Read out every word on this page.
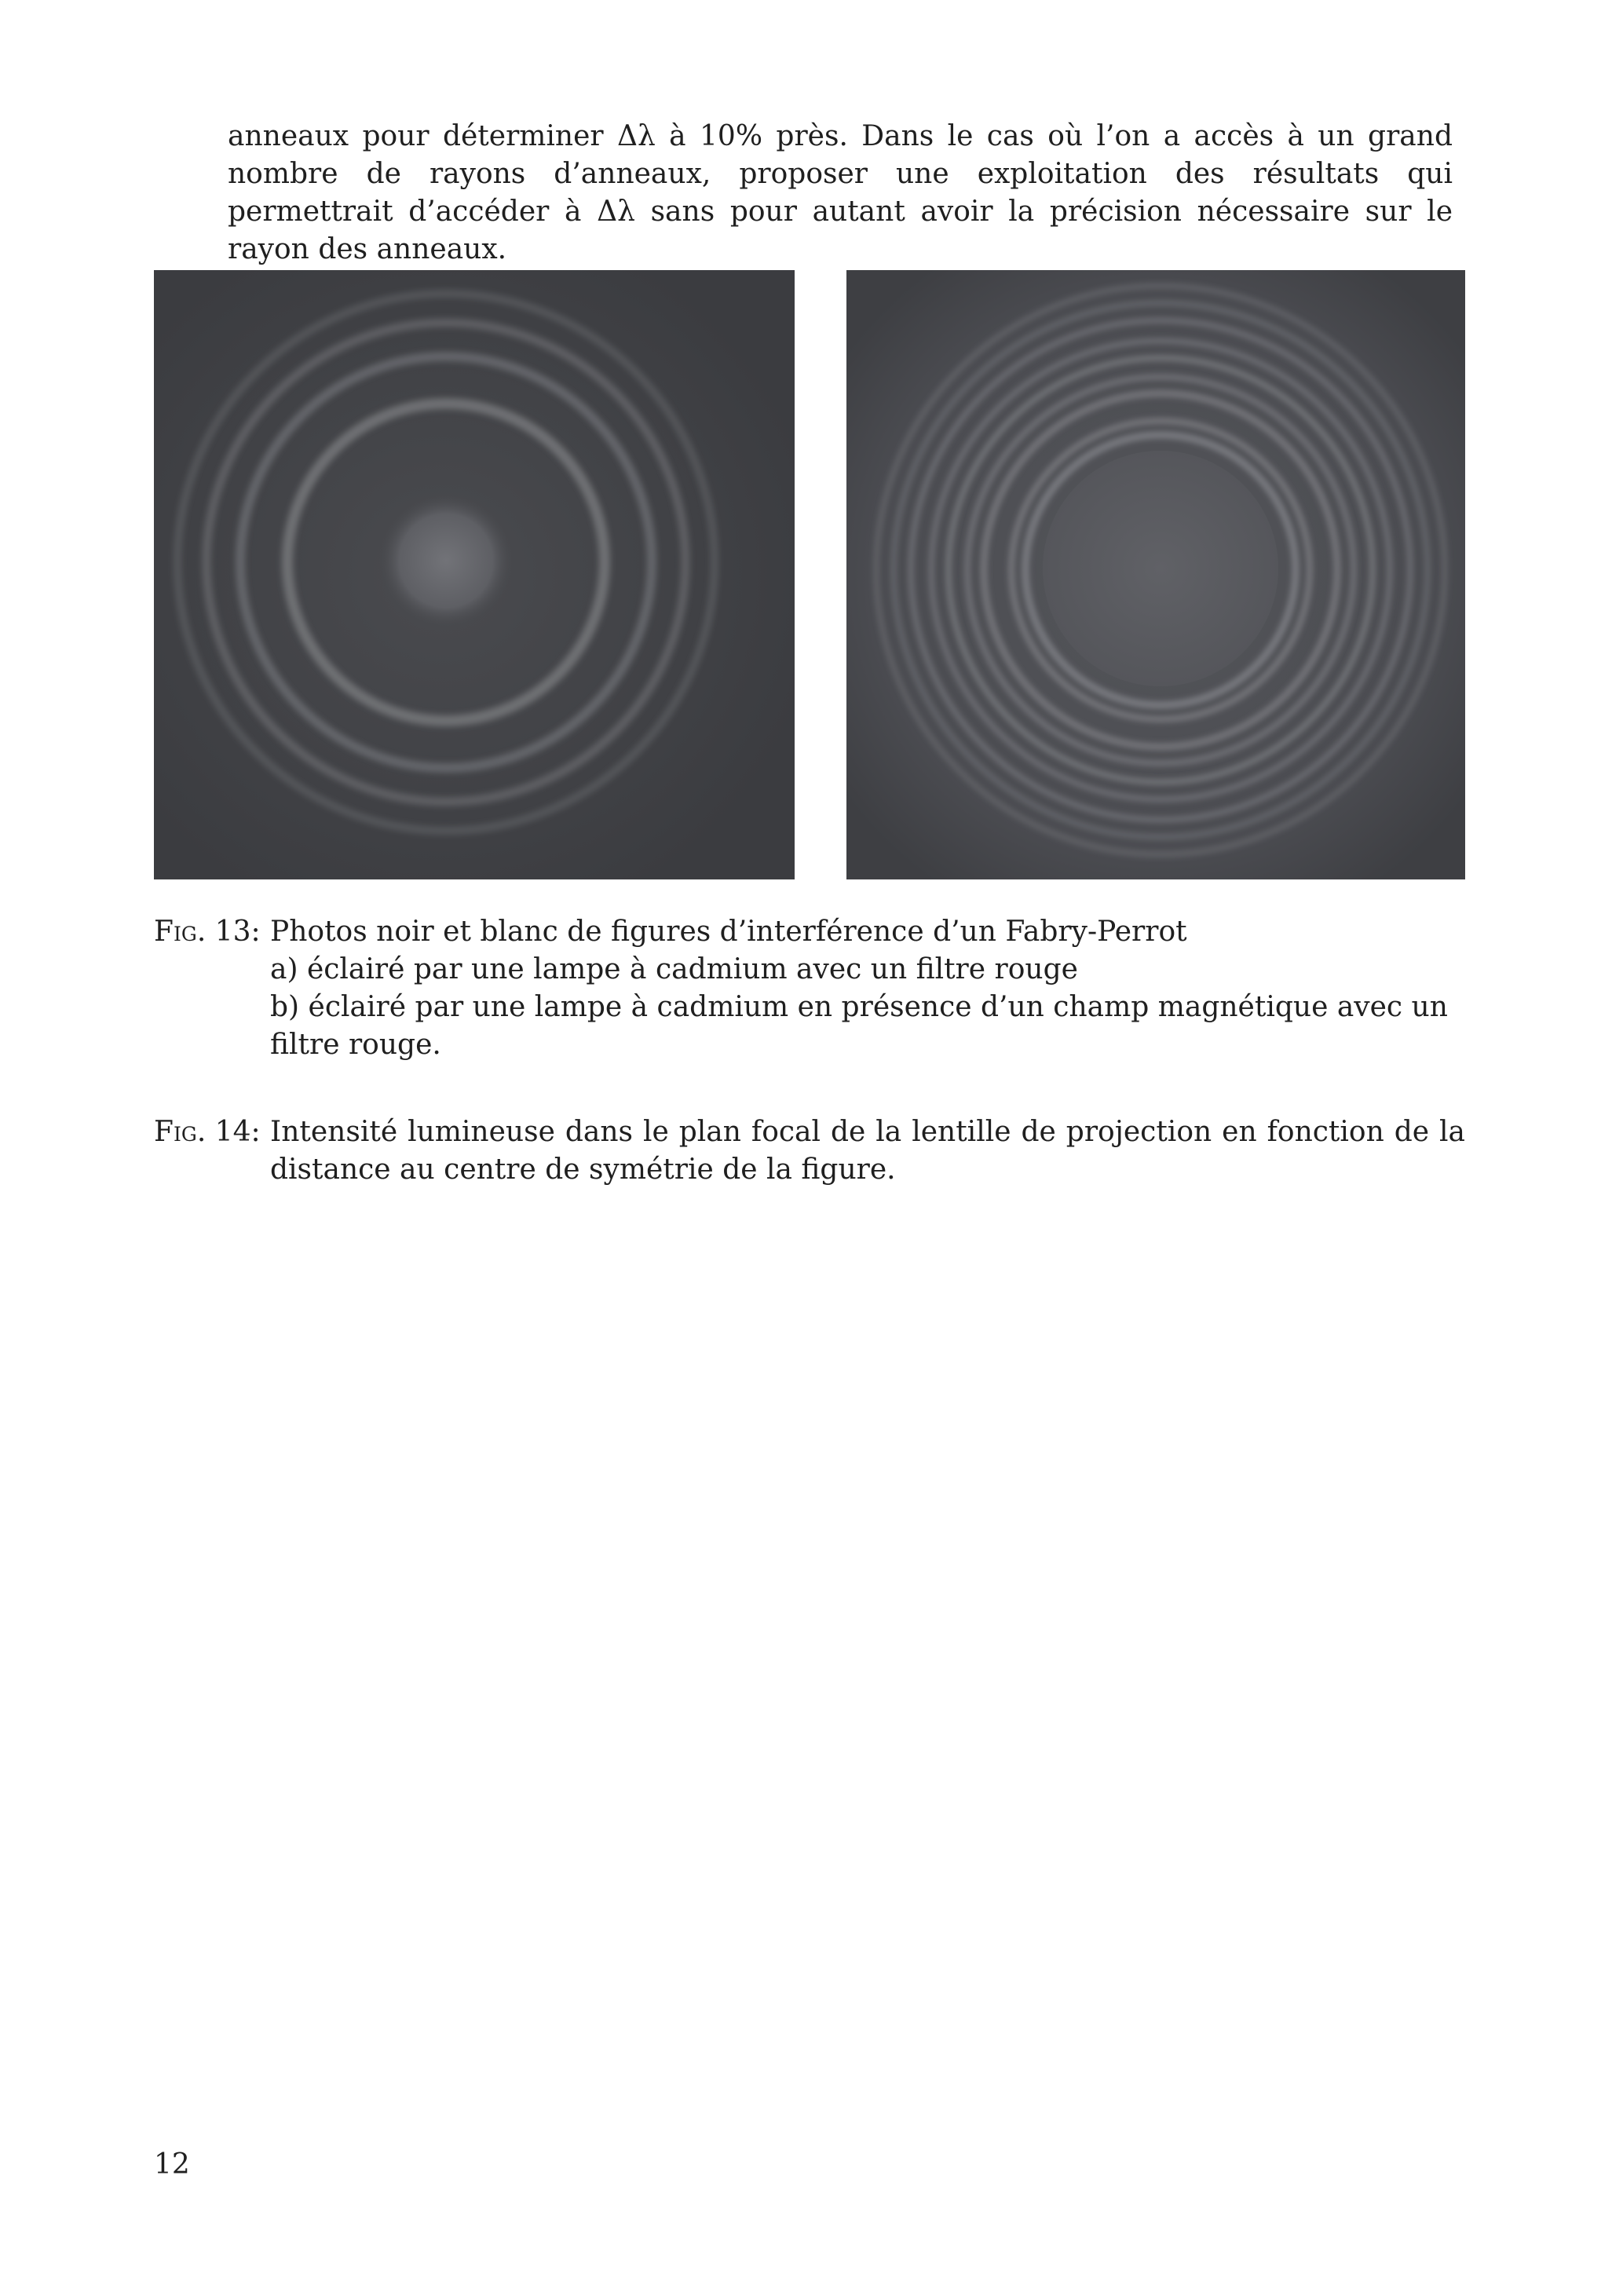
anneaux pour déterminer Δλ à 10% près. Dans le cas où l’on a accès à un grand nombre de rayons d’anneaux, proposer une exploitation des résultats qui permettrait d’accéder à Δλ sans pour autant avoir la précision nécessaire sur le rayon des anneaux.
Fig. 13: Photos noir et blanc de figures d’interférence d’un Fabry-Perrot
a) éclairé par une lampe à cadmium avec un filtre rouge
b) éclairé par une lampe à cadmium en présence d’un champ magnétique avec un filtre rouge.
Fig. 14: Intensité lumineuse dans le plan focal de la lentille de projection en fonction de la distance au centre de symétrie de la figure.
12
